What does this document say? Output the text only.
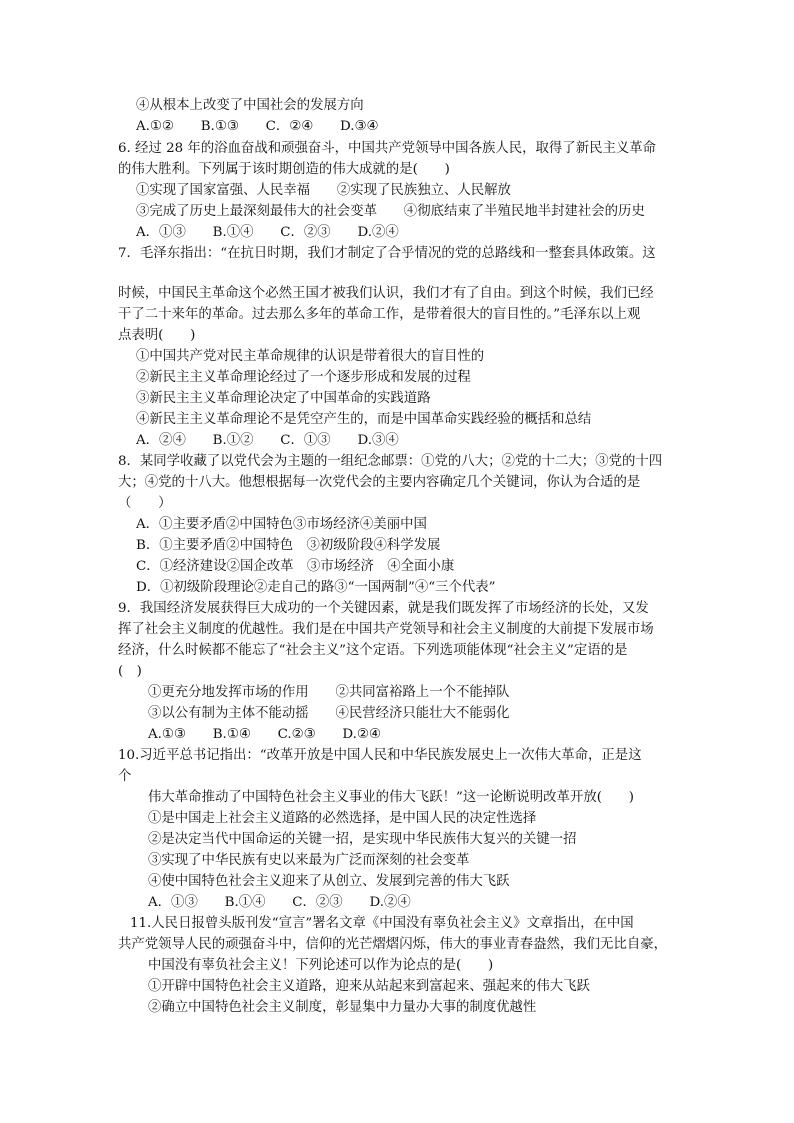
④从根本上改变了中国社会的发展方向
A.①②　　B.①③　　C．②④　　D.③④
6. 经过 28 年的浴血奋战和顽强奋斗，中国共产党领导中国各族人民，取得了新民主义革命
的伟大胜利。下列属于该时期创造的伟大成就的是(　　)
①实现了国家富强、人民幸福　　②实现了民族独立、人民解放
③完成了历史上最深刻最伟大的社会变革　　④彻底结束了半殖民地半封建社会的历史
A．①③　　B.①④　　C．②③　　D.②④
7．毛泽东指出：“在抗日时期，我们才制定了合乎情况的党的总路线和一整套具体政策。这
时候，中国民主革命这个必然王国才被我们认识，我们才有了自由。到这个时候，我们已经
干了二十来年的革命。过去那么多年的革命工作，是带着很大的盲目性的。”毛泽东以上观
点表明(　　)
①中国共产党对民主革命规律的认识是带着很大的盲目性的
②新民主主义革命理论经过了一个逐步形成和发展的过程
③新民主主义革命理论决定了中国革命的实践道路
④新民主主义革命理论不是凭空产生的，而是中国革命实践经验的概括和总结
A．②④　　B.①②　　C．①③　　D.③④
8．某同学收藏了以党代会为主题的一组纪念邮票：①党的八大；②党的十二大；③党的十四
大；④党的十八大。他想根据每一次党代会的主要内容确定几个关键词，你认为合适的是
（　　）
A．①主要矛盾②中国特色③市场经济④美丽中国
B．①主要矛盾②中国特色　③初级阶段④科学发展
C．①经济建设②国企改革　③市场经济　④全面小康
D．①初级阶段理论②走自己的路③“一国两制”④“三个代表”
9．我国经济发展获得巨大成功的一个关键因素，就是我们既发挥了市场经济的长处，又发
挥了社会主义制度的优越性。我们是在中国共产党领导和社会主义制度的大前提下发展市场
经济，什么时候都不能忘了“社会主义”这个定语。下列选项能体现“社会主义”定语的是
(　)
①更充分地发挥市场的作用　　②共同富裕路上一个不能掉队
③以公有制为主体不能动摇　　④民营经济只能壮大不能弱化
A.①③　　B.①④　　C.②③　　D.②④
10.习近平总书记指出：“改革开放是中国人民和中华民族发展史上一次伟大革命，正是这
个
伟大革命推动了中国特色社会主义事业的伟大飞跃！”这一论断说明改革开放(　　)
①是中国走上社会主义道路的必然选择，是中国人民的决定性选择
②是决定当代中国命运的关键一招，是实现中华民族伟大复兴的关键一招
③实现了中华民族有史以来最为广泛而深刻的社会变革
④使中国特色社会主义迎来了从创立、发展到完善的伟大飞跃
A．①③　　B.①④　　C．②③　　D.②④
11.人民日报曾头版刊发“宣言”署名文章《中国没有辜负社会主义》文章指出，在中国
共产党领导人民的顽强奋斗中，信仰的光芒熠熠闪烁，伟大的事业青春盎然，我们无比自豪，
中国没有辜负社会主义！下列论述可以作为论点的是(　　)
①开辟中国特色社会主义道路，迎来从站起来到富起来、强起来的伟大飞跃
②确立中国特色社会主义制度，彰显集中力量办大事的制度优越性
